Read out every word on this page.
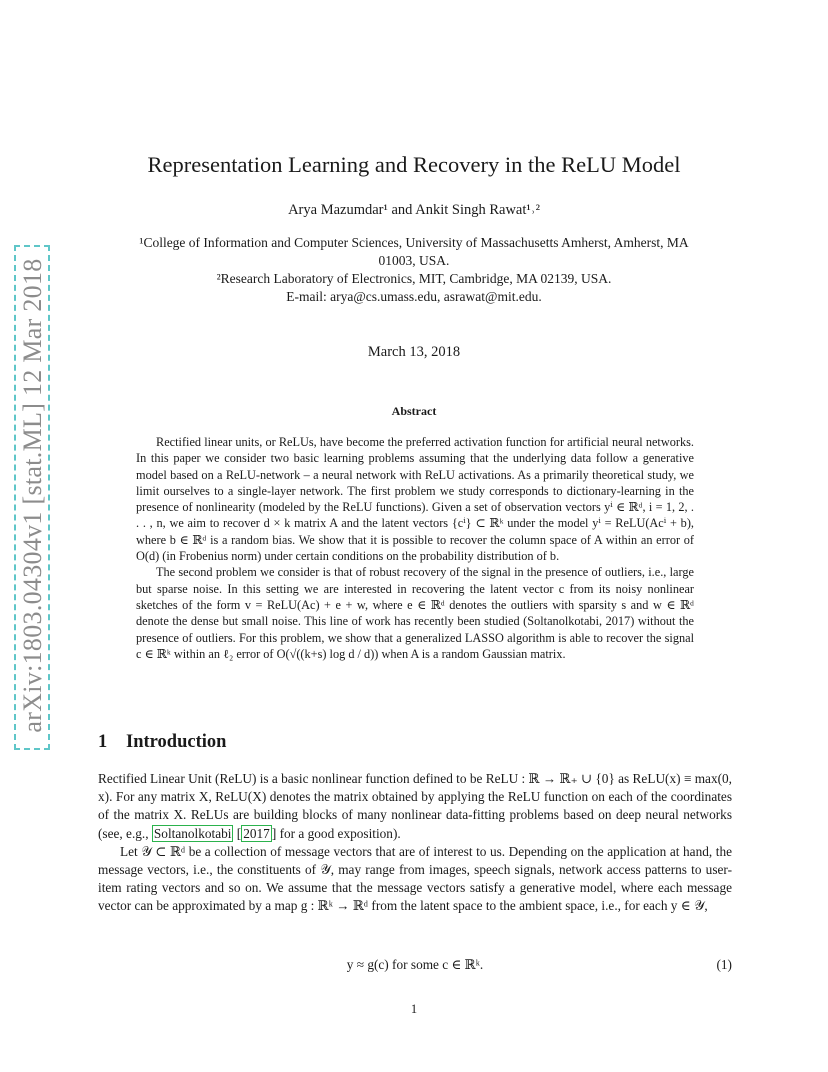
arXiv:1803.04304v1 [stat.ML] 12 Mar 2018
Representation Learning and Recovery in the ReLU Model
Arya Mazumdar¹ and Ankit Singh Rawat¹˒²
¹College of Information and Computer Sciences, University of Massachusetts Amherst, Amherst, MA
01003, USA.
²Research Laboratory of Electronics, MIT, Cambridge, MA 02139, USA.
E-mail: arya@cs.umass.edu, asrawat@mit.edu.
March 13, 2018
Abstract

Rectified linear units, or ReLUs, have become the preferred activation function for artificial neural networks. In this paper we consider two basic learning problems assuming that the underlying data follow a generative model based on a ReLU-network – a neural network with ReLU activations. As a primarily theoretical study, we limit ourselves to a single-layer network. The first problem we study corresponds to dictionary-learning in the presence of nonlinearity (modeled by the ReLU functions). Given a set of observation vectors yⁱ ∈ ℝᵈ, i = 1, 2, . . . , n, we aim to recover d × k matrix A and the latent vectors {cⁱ} ⊂ ℝᵏ under the model yⁱ = ReLU(Acⁱ + b), where b ∈ ℝᵈ is a random bias. We show that it is possible to recover the column space of A within an error of O(d) (in Frobenius norm) under certain conditions on the probability distribution of b.

The second problem we consider is that of robust recovery of the signal in the presence of outliers, i.e., large but sparse noise. In this setting we are interested in recovering the latent vector c from its noisy nonlinear sketches of the form v = ReLU(Ac) + e + w, where e ∈ ℝᵈ denotes the outliers with sparsity s and w ∈ ℝᵈ denote the dense but small noise. This line of work has recently been studied (Soltanolkotabi, 2017) without the presence of outliers. For this problem, we show that a generalized LASSO algorithm is able to recover the signal c ∈ ℝᵏ within an ℓ₂ error of O(√((k+s) log d / d)) when A is a random Gaussian matrix.

1 Introduction

Rectified Linear Unit (ReLU) is a basic nonlinear function defined to be ReLU : ℝ → ℝ₊ ∪ {0} as ReLU(x) ≡ max(0, x). For any matrix X, ReLU(X) denotes the matrix obtained by applying the ReLU function on each of the coordinates of the matrix X. ReLUs are building blocks of many nonlinear data-fitting problems based on deep neural networks (see, e.g., Soltanolkotabi [ 2017 ] for a good exposition).

Let 𝒴 ⊂ ℝᵈ be a collection of message vectors that are of interest to us. Depending on the application at hand, the message vectors, i.e., the constituents of 𝒴, may range from images, speech signals, network access patterns to user-item rating vectors and so on. We assume that the message vectors satisfy a generative model, where each message vector can be approximated by a map g : ℝᵏ → ℝᵈ from the latent space to the ambient space, i.e., for each y ∈ 𝒴,

y ≈ g(c) for some c ∈ ℝᵏ.	(1)
1
